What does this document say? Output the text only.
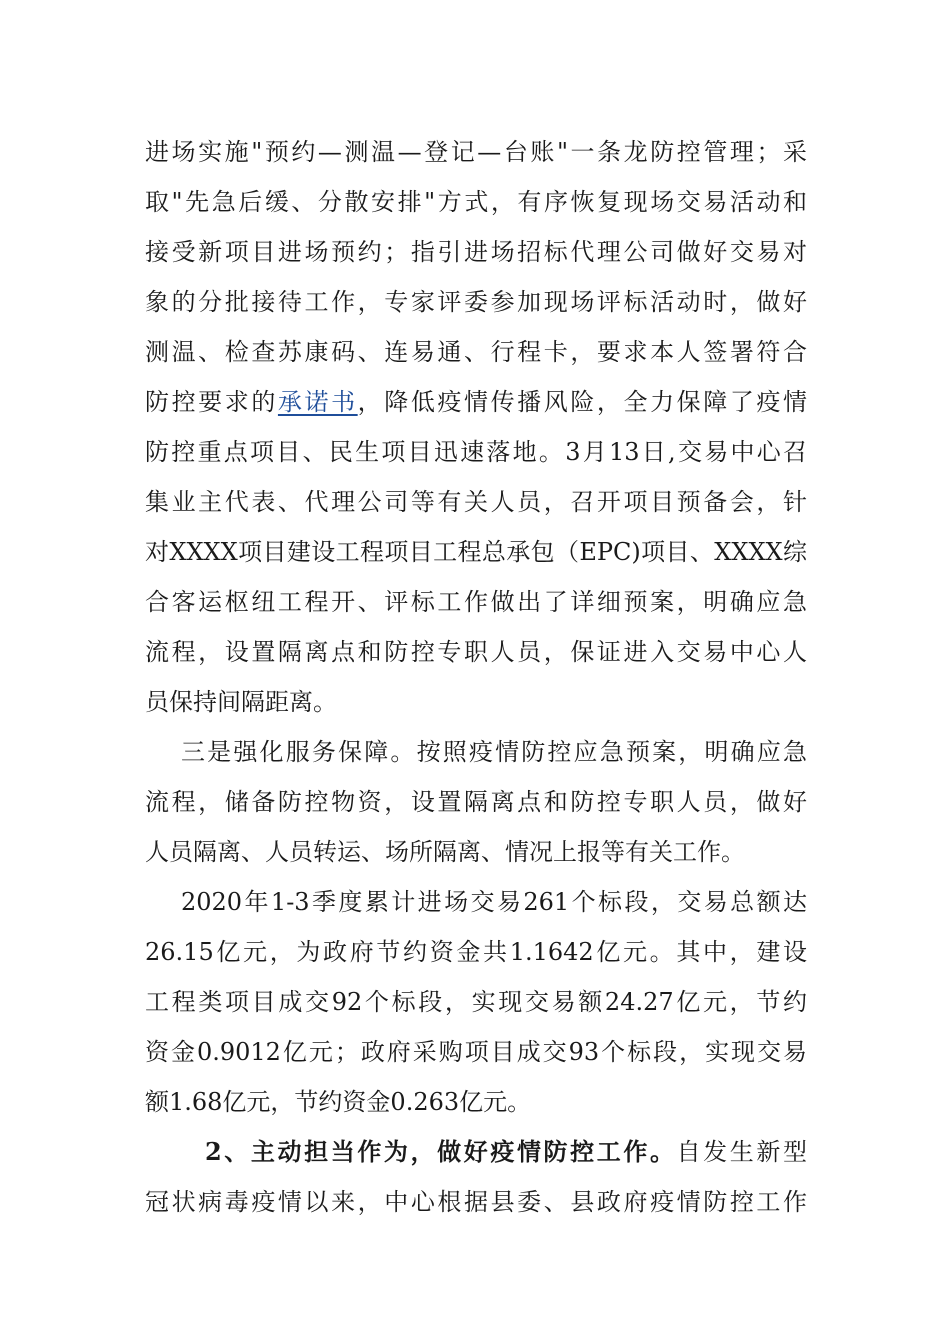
进场实施"预约—测温—登记—台账"一条龙防控管理；采
取"先急后缓、分散安排"方式，有序恢复现场交易活动和
接受新项目进场预约；指引进场招标代理公司做好交易对
象的分批接待工作，专家评委参加现场评标活动时，做好
测温、检查苏康码、连易通、行程卡，要求本人签署符合
防控要求的承诺书，降低疫情传播风险，全力保障了疫情
防控重点项目、民生项目迅速落地。3月13日,交易中心召
集业主代表、代理公司等有关人员，召开项目预备会，针
对XXXX项目建设工程项目工程总承包（EPC)项目、XXXX综
合客运枢纽工程开、评标工作做出了详细预案，明确应急
流程，设置隔离点和防控专职人员，保证进入交易中心人
员保持间隔距离。
三是强化服务保障。按照疫情防控应急预案，明确应急
流程，储备防控物资，设置隔离点和防控专职人员，做好
人员隔离、人员转运、场所隔离、情况上报等有关工作。
2020年1-3季度累计进场交易261个标段，交易总额达
26.15亿元，为政府节约资金共1.1642亿元。其中，建设
工程类项目成交92个标段，实现交易额24.27亿元，节约
资金0.9012亿元；政府采购项目成交93个标段，实现交易
额1.68亿元，节约资金0.263亿元。
2、主动担当作为，做好疫情防控工作。自发生新型
冠状病毒疫情以来，中心根据县委、县政府疫情防控工作
